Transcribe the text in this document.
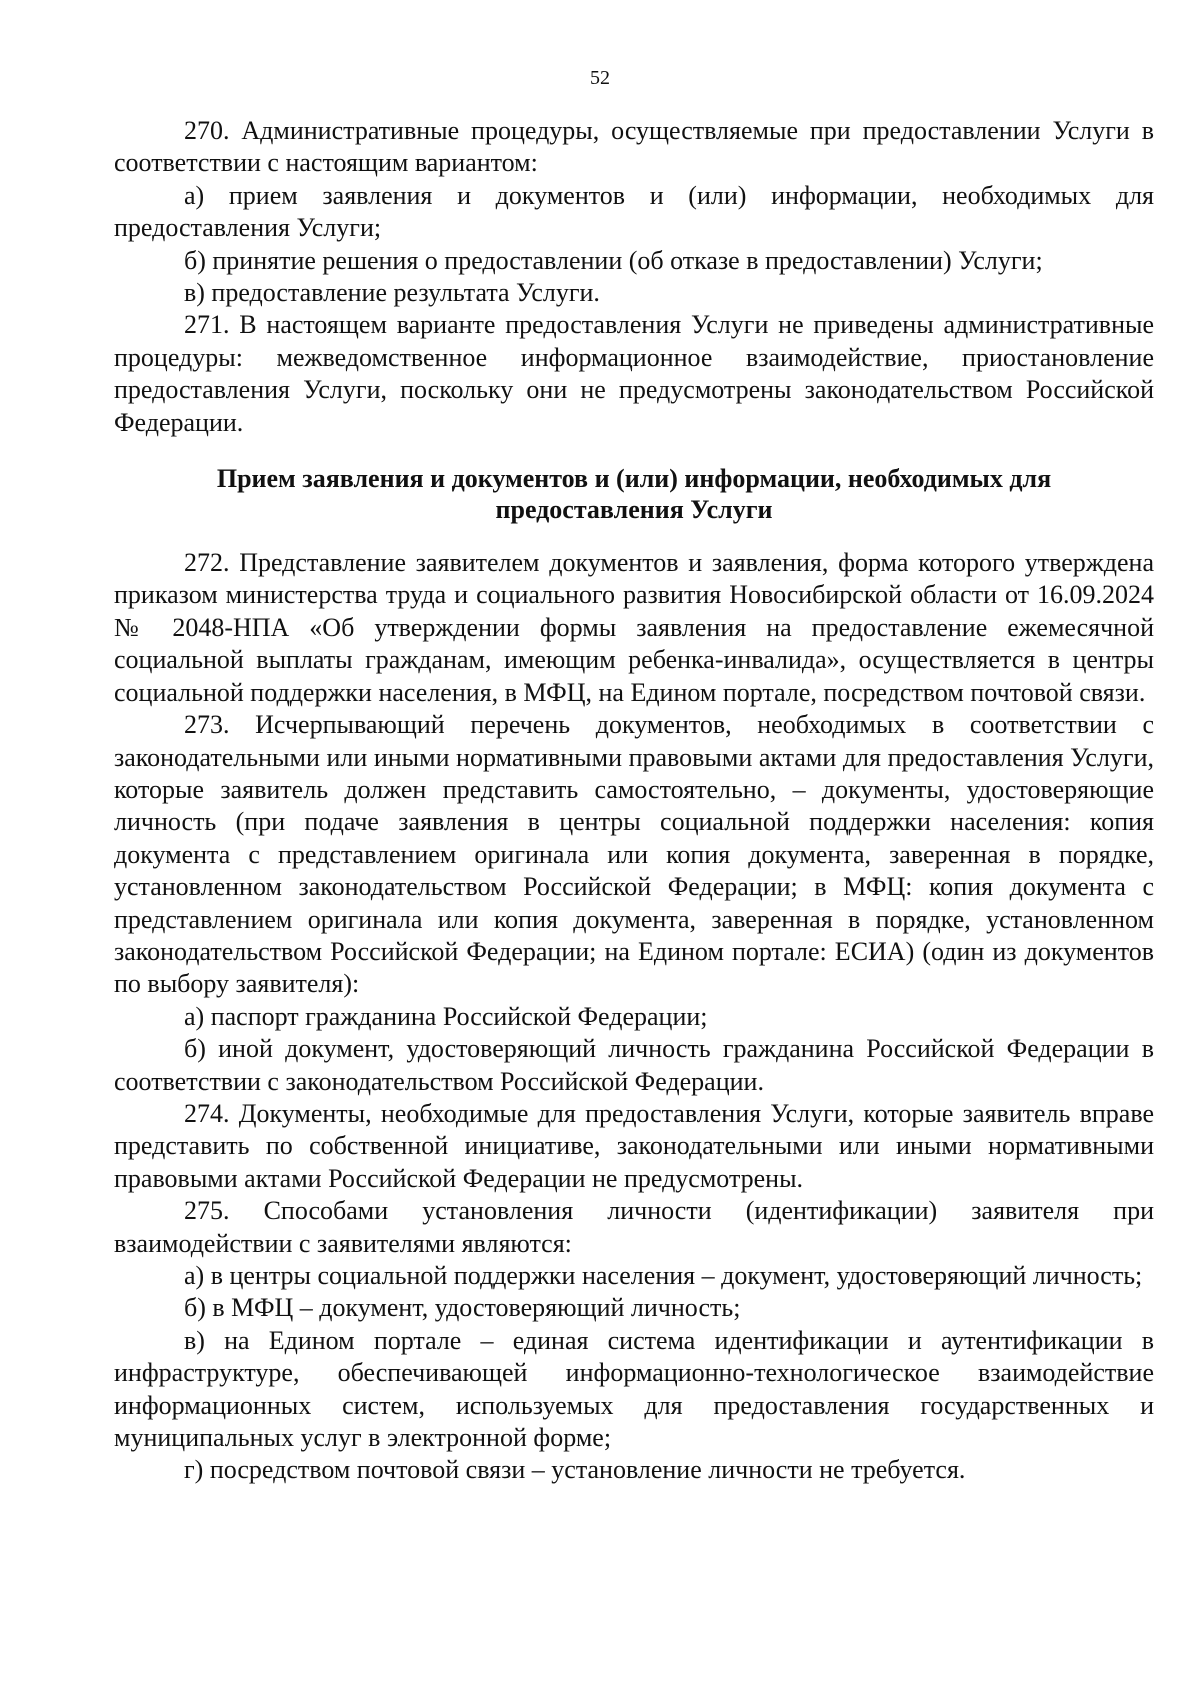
52

270. Административные процедуры, осуществляемые при предоставлении Услуги в соответствии с настоящим вариантом:

а) прием заявления и документов и (или) информации, необходимых для предоставления Услуги;

б) принятие решения о предоставлении (об отказе в предоставлении) Услуги;

в) предоставление результата Услуги.

271. В настоящем варианте предоставления Услуги не приведены административные процедуры: межведомственное информационное взаимодействие, приостановление предоставления Услуги, поскольку они не предусмотрены законодательством Российской Федерации.

Прием заявления и документов и (или) информации, необходимых для
предоставления Услуги

272. Представление заявителем документов и заявления, форма которого утверждена приказом министерства труда и социального развития Новосибирской области от 16.09.2024 № 2048-НПА «Об утверждении формы заявления на предоставление ежемесячной социальной выплаты гражданам, имеющим ребенка-инвалида», осуществляется в центры социальной поддержки населения, в МФЦ, на Едином портале, посредством почтовой связи.

273. Исчерпывающий перечень документов, необходимых в соответствии с законодательными или иными нормативными правовыми актами для предоставления Услуги, которые заявитель должен представить самостоятельно, – документы, удостоверяющие личность (при подаче заявления в центры социальной поддержки населения: копия документа с представлением оригинала или копия документа, заверенная в порядке, установленном законодательством Российской Федерации; в МФЦ: копия документа с представлением оригинала или копия документа, заверенная в порядке, установленном законодательством Российской Федерации; на Едином портале: ЕСИА) (один из документов по выбору заявителя):

а) паспорт гражданина Российской Федерации;

б) иной документ, удостоверяющий личность гражданина Российской Федерации в соответствии с законодательством Российской Федерации.

274. Документы, необходимые для предоставления Услуги, которые заявитель вправе представить по собственной инициативе, законодательными или иными нормативными правовыми актами Российской Федерации не предусмотрены.

275. Способами установления личности (идентификации) заявителя при взаимодействии с заявителями являются:

а) в центры социальной поддержки населения – документ, удостоверяющий личность;

б) в МФЦ – документ, удостоверяющий личность;

в) на Едином портале – единая система идентификации и аутентификации в инфраструктуре, обеспечивающей информационно-технологическое взаимодействие информационных систем, используемых для предоставления государственных и муниципальных услуг в электронной форме;

г) посредством почтовой связи – установление личности не требуется.
